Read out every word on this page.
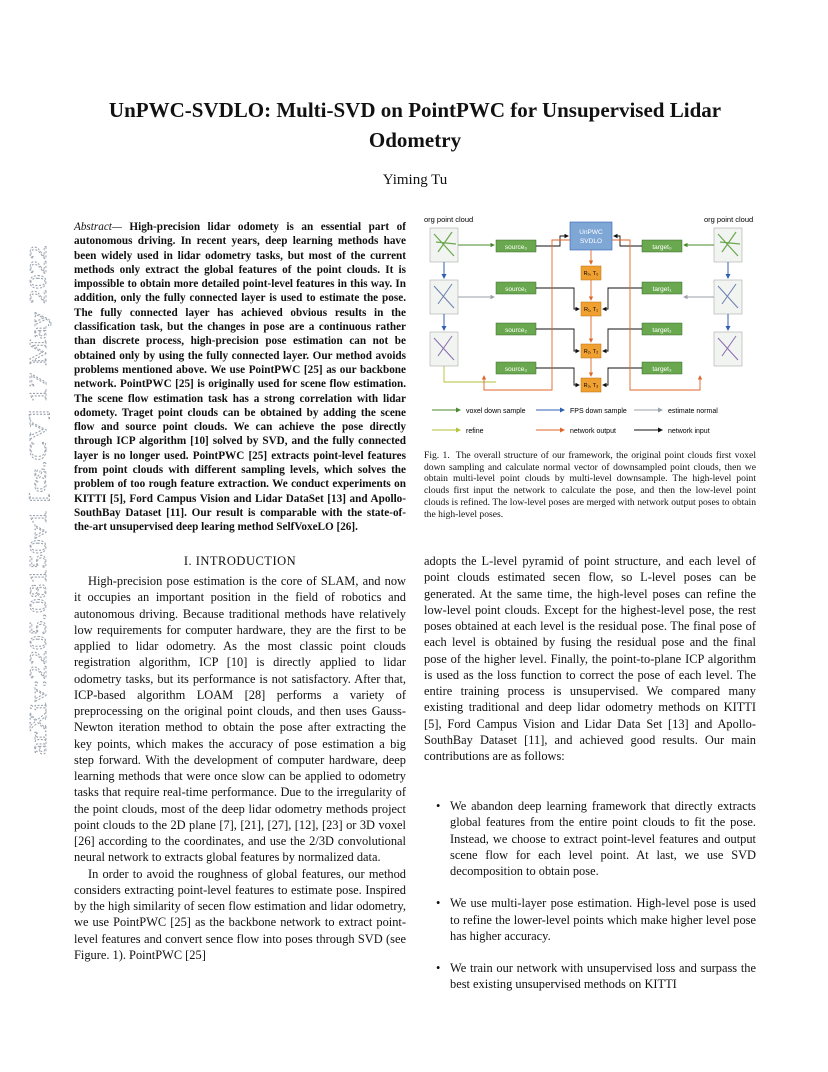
arXiv:2205.08150v1 [cs.CV] 17 May 2022
UnPWC-SVDLO: Multi-SVD on PointPWC for Unsupervised Lidar Odometry
Yiming Tu
Abstract— High-precision lidar odomety is an essential part of autonomous driving. In recent years, deep learning methods have been widely used in lidar odometry tasks, but most of the current methods only extract the global features of the point clouds. It is impossible to obtain more detailed point-level features in this way. In addition, only the fully connected layer is used to estimate the pose. The fully connected layer has achieved obvious results in the classification task, but the changes in pose are a continuous rather than discrete process, high-precision pose estimation can not be obtained only by using the fully connected layer. Our method avoids problems mentioned above. We use PointPWC [25] as our backbone network. PointPWC [25] is originally used for scene flow estimation. The scene flow estimation task has a strong correlation with lidar odomety. Traget point clouds can be obtained by adding the scene flow and source point clouds. We can achieve the pose directly through ICP algorithm [10] solved by SVD, and the fully connected layer is no longer used. PointPWC [25] extracts point-level features from point clouds with different sampling levels, which solves the problem of too rough feature extraction. We conduct experiments on KITTI [5], Ford Campus Vision and Lidar DataSet [13] and Apollo-SouthBay Dataset [11]. Our result is comparable with the state-of-the-art unsupervised deep learing method SelfVoxeLO [26].
org point cloud	org point cloud
source₀
source₁
source₂
source₃
target₀
target₁
target₂
target₃
UnPWC
SVDLO
R₀, T₀
R₁, T₁
R₂, T₂
R₃, T₃
voxel down sample	FPS down sample	estimate normal
refine	network output	network input
Fig. 1. The overall structure of our framework, the original point clouds first voxel down sampling and calculate normal vector of downsampled point clouds, then we obtain multi-level point clouds by multi-level downsample. The high-level point clouds first input the network to calculate the pose, and then the low-level point clouds is refined. The low-level poses are merged with network output poses to obtain the high-level poses.
I. INTRODUCTION

High-precision pose estimation is the core of SLAM, and now it occupies an important position in the field of robotics and autonomous driving. Because traditional methods have relatively low requirements for computer hardware, they are the first to be applied to lidar odometry. As the most classic point clouds registration algorithm, ICP [10] is directly applied to lidar odometry tasks, but its performance is not satisfactory. After that, ICP-based algorithm LOAM [28] performs a variety of preprocessing on the original point clouds, and then uses Gauss-Newton iteration method to obtain the pose after extracting the key points, which makes the accuracy of pose estimation a big step forward. With the development of computer hardware, deep learning methods that were once slow can be applied to odometry tasks that require real-time performance. Due to the irregularity of the point clouds, most of the deep lidar odometry methods project point clouds to the 2D plane [7], [21], [27], [12], [23] or 3D voxel [26] according to the coordinates, and use the 2/3D convolutional neural network to extracts global features by normalized data.

In order to avoid the roughness of global features, our method considers extracting point-level features to estimate pose. Inspired by the high similarity of secen flow estimation and lidar odometry, we use PointPWC [25] as the backbone network to extract point-level features and convert sence flow into poses through SVD (see Figure. 1). PointPWC [25]

adopts the L-level pyramid of point structure, and each level of point clouds estimated secen flow, so L-level poses can be generated. At the same time, the high-level poses can refine the low-level point clouds. Except for the highest-level pose, the rest poses obtained at each level is the residual pose. The final pose of each level is obtained by fusing the residual pose and the final pose of the higher level. Finally, the point-to-plane ICP algorithm is used as the loss function to correct the pose of each level. The entire training process is unsupervised. We compared many existing traditional and deep lidar odometry methods on KITTI [5], Ford Campus Vision and Lidar Data Set [13] and Apollo-SouthBay Dataset [11], and achieved good results. Our main contributions are as follows:

• We abandon deep learning framework that directly extracts global features from the entire point clouds to fit the pose. Instead, we choose to extract point-level features and output scene flow for each level point. At last, we use SVD decomposition to obtain pose.
• We use multi-layer pose estimation. High-level pose is used to refine the lower-level points which make higher level pose has higher accuracy.
• We train our network with unsupervised loss and surpass the best existing unsupervised methods on KITTI
